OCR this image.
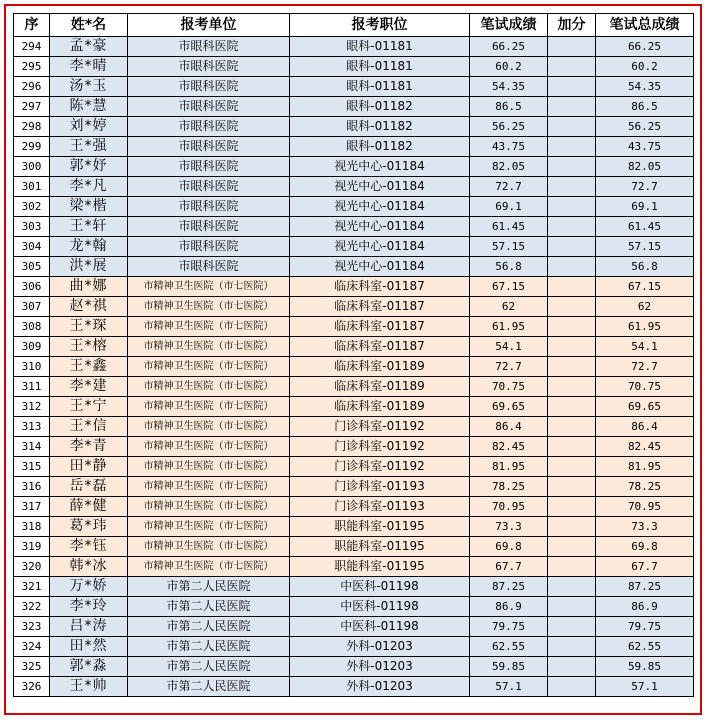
序	姓*名	报考单位	报考职位	笔试成绩	加分	笔试总成绩
294	孟*豪	市眼科医院	眼科-01181	66.25		66.25
295	李*晴	市眼科医院	眼科-01181	60.2		60.2
296	汤*玉	市眼科医院	眼科-01181	54.35		54.35
297	陈*慧	市眼科医院	眼科-01182	86.5		86.5
298	刘*婷	市眼科医院	眼科-01182	56.25		56.25
299	王*强	市眼科医院	眼科-01182	43.75		43.75
300	郭*妤	市眼科医院	视光中心-01184	82.05		82.05
301	李*凡	市眼科医院	视光中心-01184	72.7		72.7
302	梁*楷	市眼科医院	视光中心-01184	69.1		69.1
303	王*轩	市眼科医院	视光中心-01184	61.45		61.45
304	龙*翰	市眼科医院	视光中心-01184	57.15		57.15
305	洪*展	市眼科医院	视光中心-01184	56.8		56.8
306	曲*娜	市精神卫生医院（市七医院）	临床科室-01187	67.15		67.15
307	赵*祺	市精神卫生医院（市七医院）	临床科室-01187	62		62
308	王*琛	市精神卫生医院（市七医院）	临床科室-01187	61.95		61.95
309	王*榕	市精神卫生医院（市七医院）	临床科室-01187	54.1		54.1
310	王*鑫	市精神卫生医院（市七医院）	临床科室-01189	72.7		72.7
311	李*建	市精神卫生医院（市七医院）	临床科室-01189	70.75		70.75
312	王*宁	市精神卫生医院（市七医院）	临床科室-01189	69.65		69.65
313	王*信	市精神卫生医院（市七医院）	门诊科室-01192	86.4		86.4
314	李*青	市精神卫生医院（市七医院）	门诊科室-01192	82.45		82.45
315	田*静	市精神卫生医院（市七医院）	门诊科室-01192	81.95		81.95
316	岳*磊	市精神卫生医院（市七医院）	门诊科室-01193	78.25		78.25
317	薛*健	市精神卫生医院（市七医院）	门诊科室-01193	70.95		70.95
318	葛*玮	市精神卫生医院（市七医院）	职能科室-01195	73.3		73.3
319	李*钰	市精神卫生医院（市七医院）	职能科室-01195	69.8		69.8
320	韩*冰	市精神卫生医院（市七医院）	职能科室-01195	67.7		67.7
321	万*娇	市第二人民医院	中医科-01198	87.25		87.25
322	李*玲	市第二人民医院	中医科-01198	86.9		86.9
323	吕*涛	市第二人民医院	中医科-01198	79.75		79.75
324	田*然	市第二人民医院	外科-01203	62.55		62.55
325	郭*淼	市第二人民医院	外科-01203	59.85		59.85
326	王*帅	市第二人民医院	外科-01203	57.1		57.1
